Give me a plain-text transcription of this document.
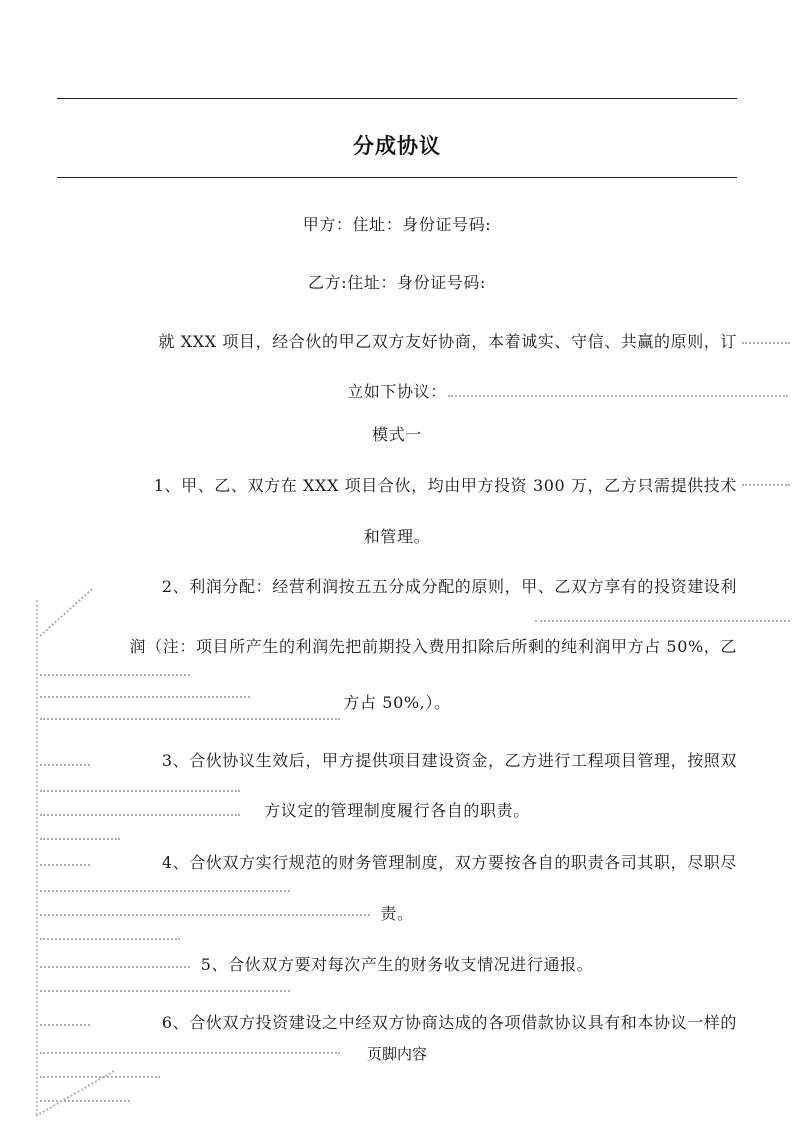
分成协议
甲方：住址：身份证号码:
乙方:住址：身份证号码:
就 XXX 项目，经合伙的甲乙双方友好协商，本着诚实、守信、共赢的原则，订
立如下协议：
模式一
1、甲、乙、双方在 XXX 项目合伙，均由甲方投资 300 万，乙方只需提供技术
和管理。
2、利润分配：经营利润按五五分成分配的原则，甲、乙双方享有的投资建设利
润（注：项目所产生的利润先把前期投入费用扣除后所剩的纯利润甲方占 50%，乙
方占 50%,）。
3、合伙协议生效后，甲方提供项目建设资金，乙方进行工程项目管理，按照双
方议定的管理制度履行各自的职责。
4、合伙双方实行规范的财务管理制度，双方要按各自的职责各司其职，尽职尽
责。
5、合伙双方要对每次产生的财务收支情况进行通报。
6、合伙双方投资建设之中经双方协商达成的各项借款协议具有和本协议一样的
页脚内容
